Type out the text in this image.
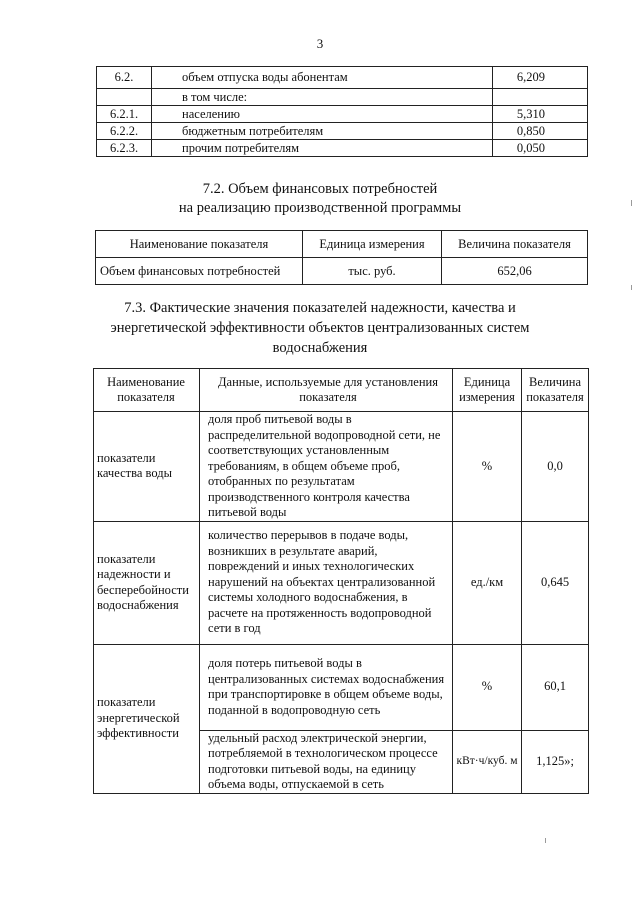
3
6.2.	объем отпуска воды абонентам	6,209
	в том числе:	
6.2.1.	населению	5,310
6.2.2.	бюджетным потребителям	0,850
6.2.3.	прочим потребителям	0,050
7.2. Объем финансовых потребностей
на реализацию производственной программы
Наименование показателя	Единица измерения	Величина показателя
Объем финансовых потребностей	тыс. руб.	652,06
7.3. Фактические значения показателей надежности, качества и
энергетической эффективности объектов централизованных систем
водоснабжения
Наименование показателя	Данные, используемые для установления показателя	Единица измерения	Величина показателя
показатели качества воды	доля проб питьевой воды в распределительной водопроводной сети, не соответствующих установленным требованиям, в общем объеме проб, отобранных по результатам производственного контроля качества питьевой воды	%	0,0
показатели надежности и бесперебойности водоснабжения	количество перерывов в подаче воды, возникших в результате аварий, повреждений и иных технологических нарушений на объектах централизованной системы холодного водоснабжения, в расчете на протяженность водопроводной сети в год	ед./км	0,645
показатели энергетической эффективности	доля потерь питьевой воды в централизованных системах водоснабжения при транспортировке в общем объеме воды, поданной в водопроводную сеть	%	60,1
	удельный расход электрической энергии, потребляемой в технологическом процессе подготовки питьевой воды, на единицу объема воды, отпускаемой в сеть	кВт·ч/куб. м	1,125»;
